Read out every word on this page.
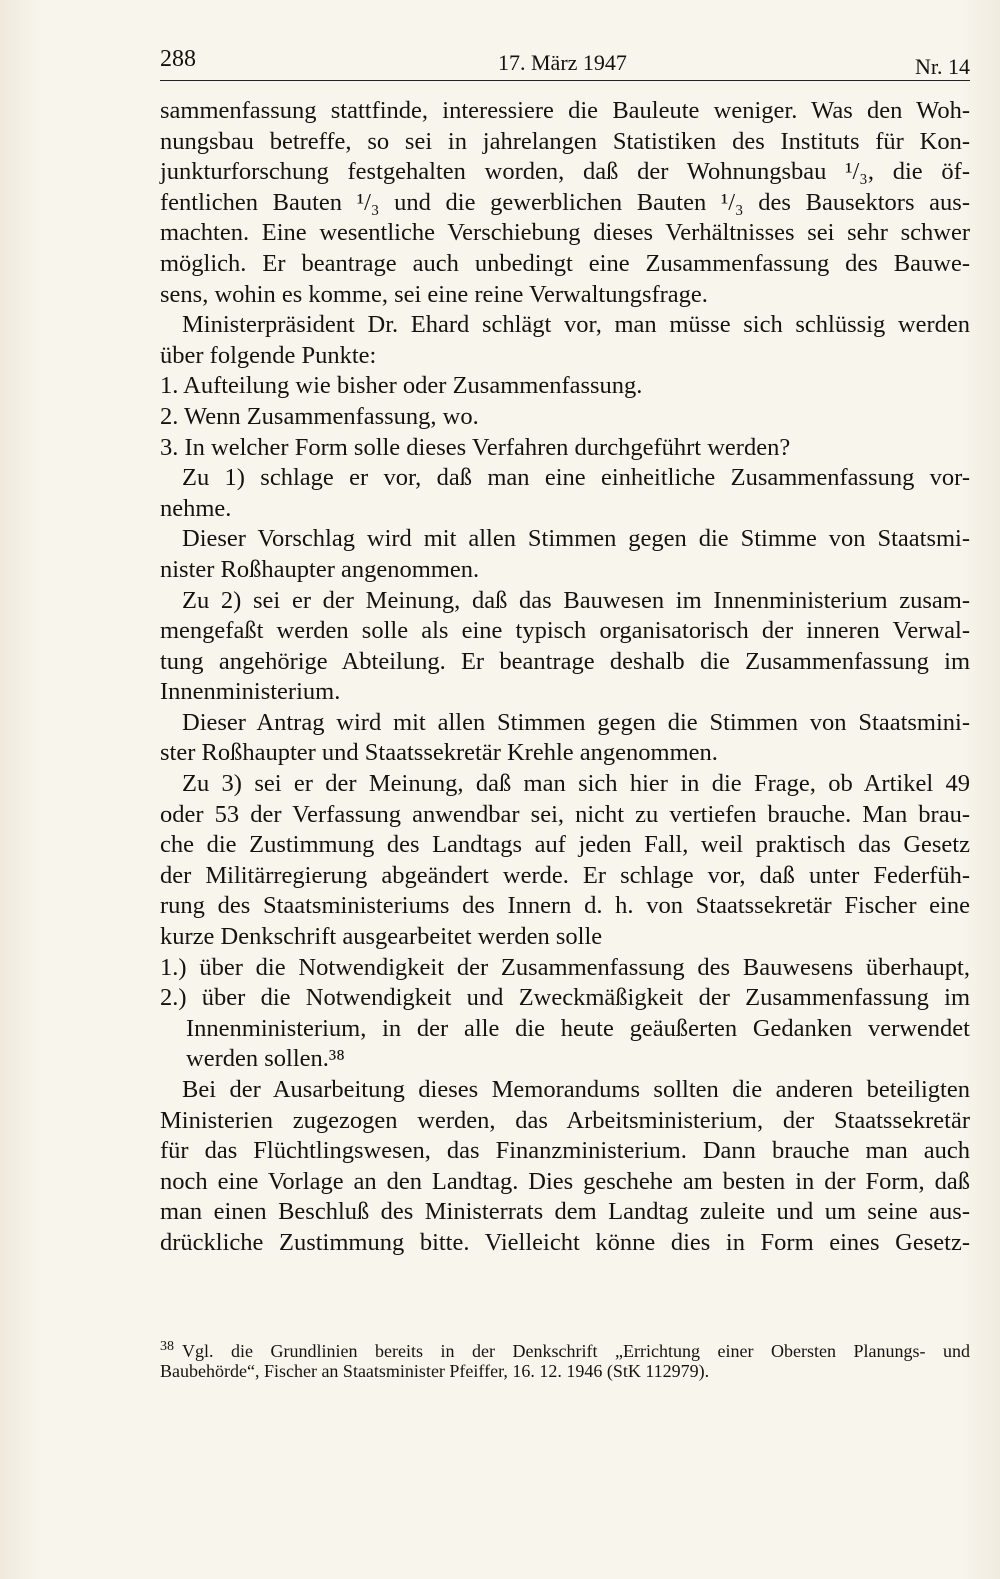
288	17. März 1947	Nr. 14
sammenfassung stattfinde, interessiere die Bauleute weniger. Was den Woh-
nungsbau betreffe, so sei in jahrelangen Statistiken des Instituts für Kon-
junkturforschung festgehalten worden, daß der Wohnungsbau ¹/₃, die öf-
fentlichen Bauten ¹/₃ und die gewerblichen Bauten ¹/₃ des Bausektors aus-
machten. Eine wesentliche Verschiebung dieses Verhältnisses sei sehr schwer
möglich. Er beantrage auch unbedingt eine Zusammenfassung des Bauwe-
sens, wohin es komme, sei eine reine Verwaltungsfrage.
Ministerpräsident Dr. Ehard schlägt vor, man müsse sich schlüssig werden
über folgende Punkte:
1. Aufteilung wie bisher oder Zusammenfassung.
2. Wenn Zusammenfassung, wo.
3. In welcher Form solle dieses Verfahren durchgeführt werden?
Zu 1) schlage er vor, daß man eine einheitliche Zusammenfassung vor-
nehme.
Dieser Vorschlag wird mit allen Stimmen gegen die Stimme von Staatsmi-
nister Roßhaupter angenommen.
Zu 2) sei er der Meinung, daß das Bauwesen im Innenministerium zusam-
mengefaßt werden solle als eine typisch organisatorisch der inneren Verwal-
tung angehörige Abteilung. Er beantrage deshalb die Zusammenfassung im
Innenministerium.
Dieser Antrag wird mit allen Stimmen gegen die Stimmen von Staatsmini-
ster Roßhaupter und Staatssekretär Krehle angenommen.
Zu 3) sei er der Meinung, daß man sich hier in die Frage, ob Artikel 49
oder 53 der Verfassung anwendbar sei, nicht zu vertiefen brauche. Man brau-
che die Zustimmung des Landtags auf jeden Fall, weil praktisch das Gesetz
der Militärregierung abgeändert werde. Er schlage vor, daß unter Federfüh-
rung des Staatsministeriums des Innern d. h. von Staatssekretär Fischer eine
kurze Denkschrift ausgearbeitet werden solle
1.) über die Notwendigkeit der Zusammenfassung des Bauwesens überhaupt,
2.) über die Notwendigkeit und Zweckmäßigkeit der Zusammenfassung im
Innenministerium, in der alle die heute geäußerten Gedanken verwendet
werden sollen.³⁸
Bei der Ausarbeitung dieses Memorandums sollten die anderen beteiligten
Ministerien zugezogen werden, das Arbeitsministerium, der Staatssekretär
für das Flüchtlingswesen, das Finanzministerium. Dann brauche man auch
noch eine Vorlage an den Landtag. Dies geschehe am besten in der Form, daß
man einen Beschluß des Ministerrats dem Landtag zuleite und um seine aus-
drückliche Zustimmung bitte. Vielleicht könne dies in Form eines Gesetz-
$^{38}$ Vgl. die Grundlinien bereits in der Denkschrift „Errichtung einer Obersten Planungs- und
Baubehörde“, Fischer an Staatsminister Pfeiffer, 16. 12. 1946 (StK 112979).
